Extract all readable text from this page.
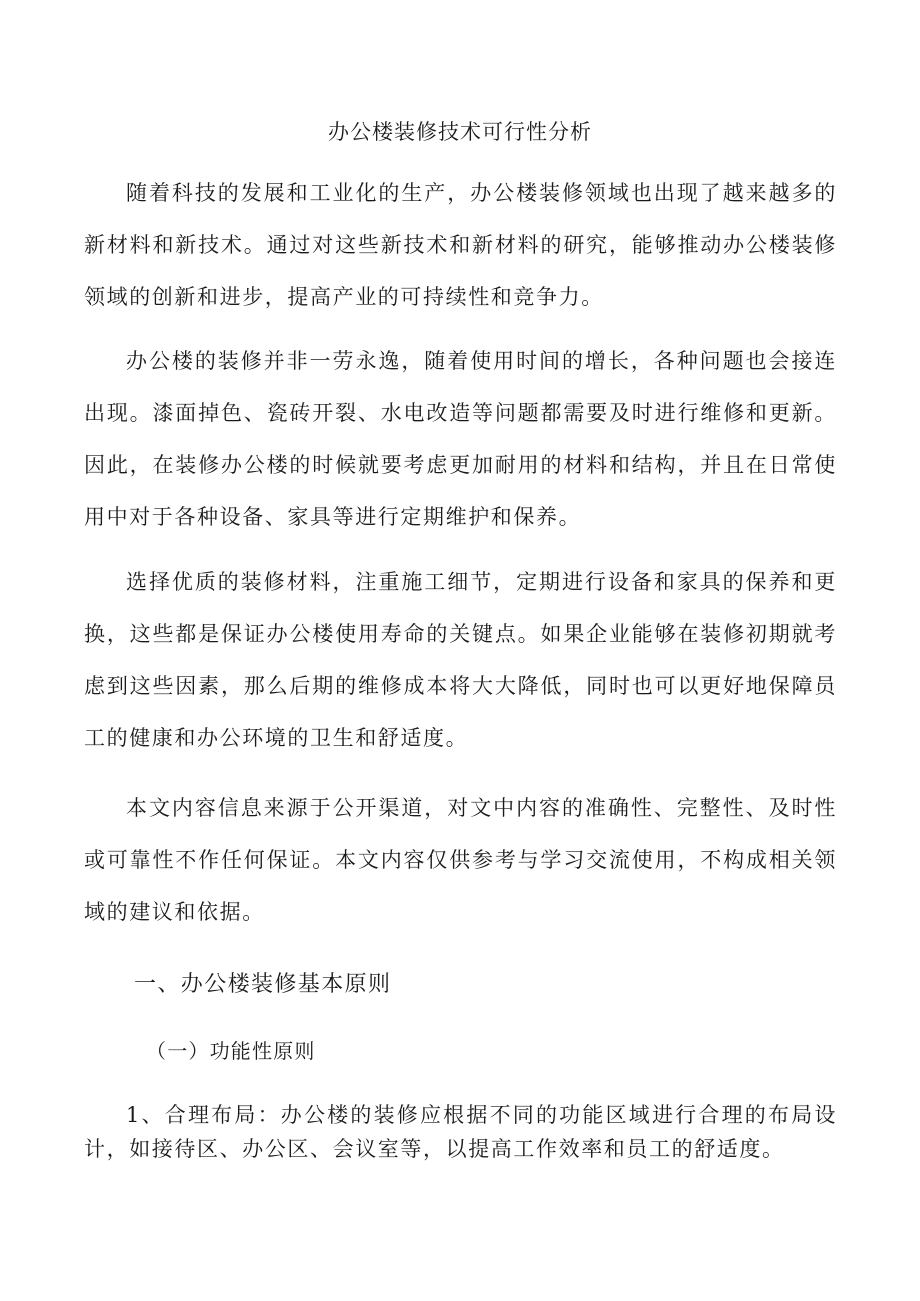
办公楼装修技术可行性分析

随着科技的发展和工业化的生产，办公楼装修领域也出现了越来越多的新材料和新技术。通过对这些新技术和新材料的研究，能够推动办公楼装修领域的创新和进步，提高产业的可持续性和竞争力。

办公楼的装修并非一劳永逸，随着使用时间的增长，各种问题也会接连出现。漆面掉色、瓷砖开裂、水电改造等问题都需要及时进行维修和更新。因此，在装修办公楼的时候就要考虑更加耐用的材料和结构，并且在日常使用中对于各种设备、家具等进行定期维护和保养。

选择优质的装修材料，注重施工细节，定期进行设备和家具的保养和更换，这些都是保证办公楼使用寿命的关键点。如果企业能够在装修初期就考虑到这些因素，那么后期的维修成本将大大降低，同时也可以更好地保障员工的健康和办公环境的卫生和舒适度。

本文内容信息来源于公开渠道，对文中内容的准确性、完整性、及时性或可靠性不作任何保证。本文内容仅供参考与学习交流使用，不构成相关领域的建议和依据。

一、办公楼装修基本原则
（一）功能性原则

1、合理布局：办公楼的装修应根据不同的功能区域进行合理的布局设计，如接待区、办公区、会议室等，以提高工作效率和员工的舒适度。
